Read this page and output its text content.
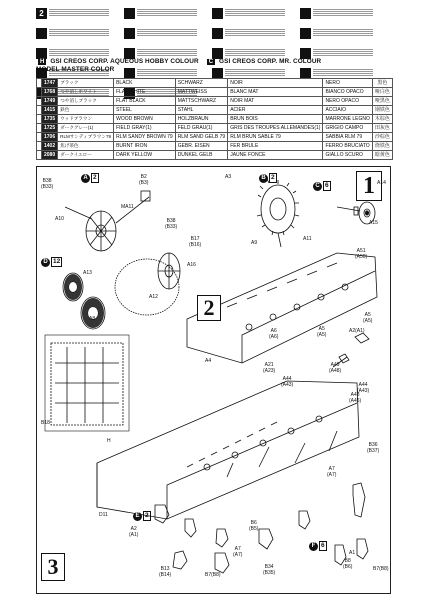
2
H GSI CREOS CORP. AQUEOUS HOBBY COLOUR	C GSI CREOS CORP. MR. COLOUR
MODEL MASTER COLOR
	1747	ブラック	BLACK	SCHWARZ	NOIR	NERO	黑色
	1768	つや消しホワイト	FLAT WHITE	MATTWEISS	BLANC MAT	BIANCO OPACO	哑白色
	1749	つや消しブラック	FLAT BLACK	MATTSCHWARZ	NOIR MAT	NERO OPACO	哑黑色
	1415	鉄色	STEEL	STAHL	ACIER	ACCIAIO	钢铁色
	1735	ウッドブラウン	WOOD BROWN	HOLZBRAUN	BRUN BOIS	MARRONE LEGNO	木棕色
	1725	ダークグレー(1)	FIELD GRAY(1)	FELD GRAU(1)	GRIS DES TROUPES ALLEMANDES(1)	GRIGIO CAMPO	田灰色
	1706	RLMサンディブラウン79	RLM SANDY BROWN 79	RLM SAND GELB 79	RLM BRUN SABLE 79	SABBIA RLM 79	沙棕色
	1402	焦げ茶色	BURNT IRON	GEBR. EISEN	FER BRULE	FERRO BRUCIATO	烧铁色
	2080	ダークイエロー	DARK YELLOW	DUNKEL GELB	JAUNE FONCE	GIALLO SCURO	暗黄色
1
2
3
A 2	B 2
C 6
D 12
F 6
E 2
B38
(B33)
A10
B2
(B3)
MA11
B38
(B33)
B17
(B16)
A3
A9
A11
A14
A15
A16
A12
A13
A8
A51
(A50)
A5
(A5)
A5
(A5)
A6
(A6)
A4
A21
(A23)
A2(A1)
A49
(A48)
A44
(A43)	A44
(A43)
A48
(A45)
B18
H
D11
A2
(A1)
B6
(B5)
A7
(A7)
B13
(B14)	B7(B8)
B34
(B35)
A1
A7
(A7)
B36
(B37)
B8
(B6)	B7(B8)
